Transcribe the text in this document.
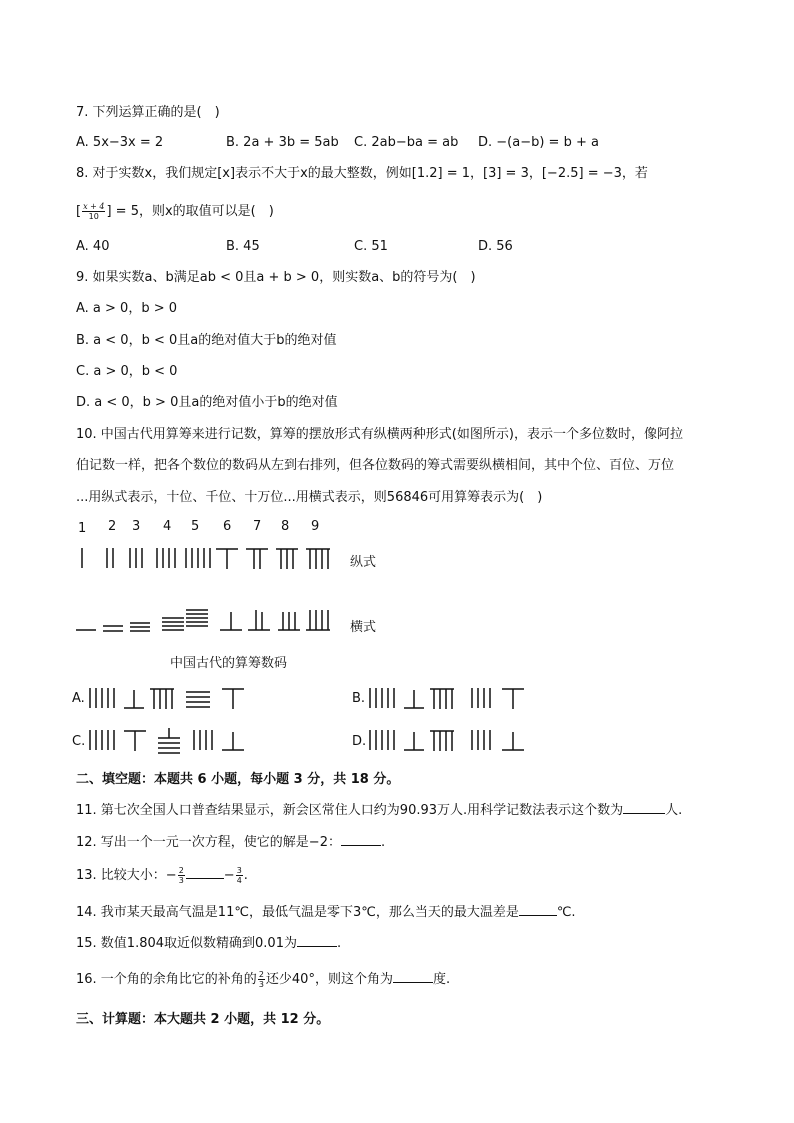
7. 下列运算正确的是(　)
A. 5x−3x = 2	B. 2a + 3b = 5ab C. 2ab−ba = ab D. −(a−b) = b + a
8. 对于实数x，我们规定[x]表示不大于x的最大整数，例如[1.2] = 1，[3] = 3，[−2.5] = −3，若
[ $\frac{x + 4}{10}$ ] = 5，则x的取值可以是(　)
A. 40	B. 45	C. 51	D. 56
9. 如果实数a、b满足ab < 0且a + b > 0，则实数a、b的符号为(　)
A. a > 0，b > 0
B. a < 0，b < 0且a的绝对值大于b的绝对值
C. a > 0，b < 0
D. a < 0，b > 0且a的绝对值小于b的绝对值
10. 中国古代用算筹来进行记数，算筹的摆放形式有纵横两种形式(如图所示)，表示一个多位数时，像阿拉
伯记数一样，把各个数位的数码从左到右排列，但各位数码的筹式需要纵横相间，其中个位、百位、万位
...用纵式表示，十位、千位、十万位...用横式表示，则56846可用算筹表示为(　)
1 2 3 4 5 6 7 8 9
纵式
横式
中国古代的算筹数码
A.	B.
C.	D.
二、填空题：本题共 6 小题，每小题 3 分，共 18 分。
11. 第七次全国人口普查结果显示，新会区常住人口约为90.93万人.用科学记数法表示这个数为	人.
12. 写出一个一元一次方程，使它的解是−2：	.
13. 比较大小：− $\frac{2}{3}$	− $\frac{3}{4}$ .
14. 我市某天最高气温是11℃，最低气温是零下3℃，那么当天的最大温差是	℃.
15. 数值1.804取近似数精确到0.01为	.
16. 一个角的余角比它的补角的 $\frac{2}{3}$ 还少40°，则这个角为	度.
三、计算题：本大题共 2 小题，共 12 分。
